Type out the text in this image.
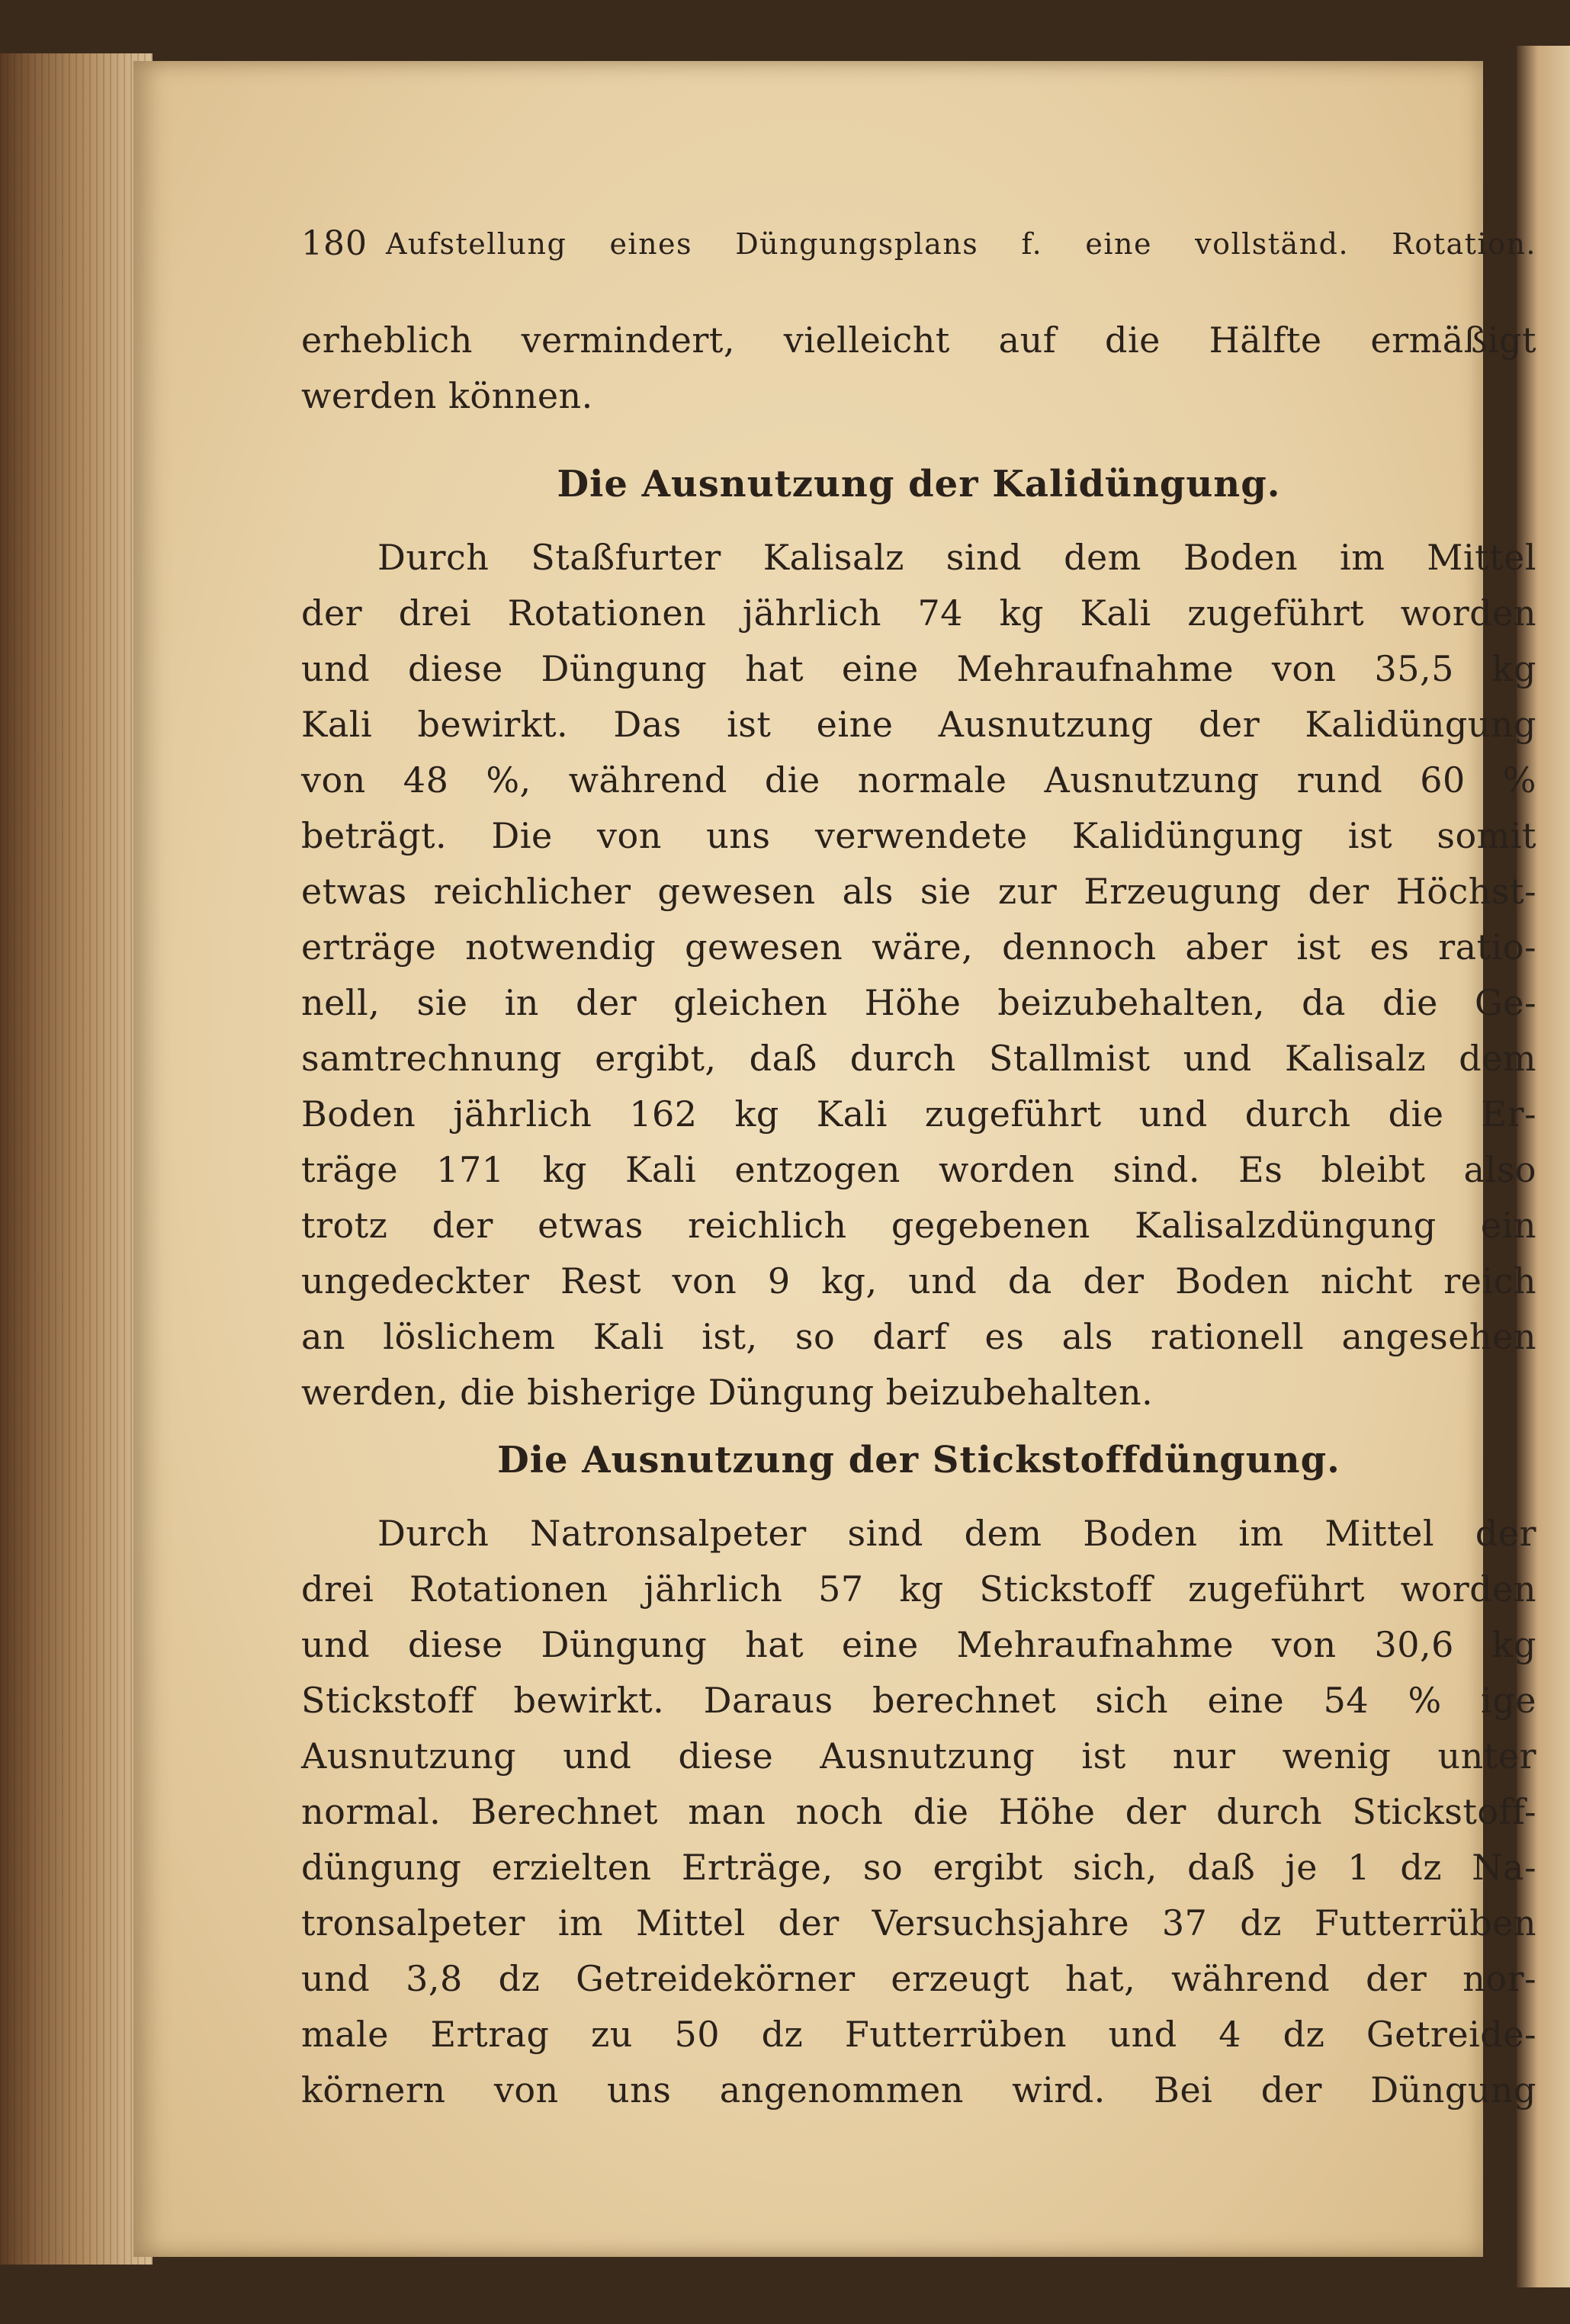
180 Aufstellung eines Düngungsplans f. eine vollständ. Rotation.
erheblich vermindert, vielleicht auf die Hälfte ermäßigt
werden können.
Die Ausnutzung der Kalidüngung.
Durch Staßfurter Kalisalz sind dem Boden im Mittel
der drei Rotationen jährlich 74 kg Kali zugeführt worden
und diese Düngung hat eine Mehraufnahme von 35,5 kg
Kali bewirkt. Das ist eine Ausnutzung der Kalidüngung
von 48 %, während die normale Ausnutzung rund 60 %
beträgt. Die von uns verwendete Kalidüngung ist somit
etwas reichlicher gewesen als sie zur Erzeugung der Höchst-
erträge notwendig gewesen wäre, dennoch aber ist es ratio-
nell, sie in der gleichen Höhe beizubehalten, da die Ge-
samtrechnung ergibt, daß durch Stallmist und Kalisalz dem
Boden jährlich 162 kg Kali zugeführt und durch die Er-
träge 171 kg Kali entzogen worden sind. Es bleibt also
trotz der etwas reichlich gegebenen Kalisalzdüngung ein
ungedeckter Rest von 9 kg, und da der Boden nicht reich
an löslichem Kali ist, so darf es als rationell angesehen
werden, die bisherige Düngung beizubehalten.
Die Ausnutzung der Stickstoffdüngung.
Durch Natronsalpeter sind dem Boden im Mittel der
drei Rotationen jährlich 57 kg Stickstoff zugeführt worden
und diese Düngung hat eine Mehraufnahme von 30,6 kg
Stickstoff bewirkt. Daraus berechnet sich eine 54 % ige
Ausnutzung und diese Ausnutzung ist nur wenig unter
normal. Berechnet man noch die Höhe der durch Stickstoff-
düngung erzielten Erträge, so ergibt sich, daß je 1 dz Na-
tronsalpeter im Mittel der Versuchsjahre 37 dz Futterrüben
und 3,8 dz Getreidekörner erzeugt hat, während der nor-
male Ertrag zu 50 dz Futterrüben und 4 dz Getreide-
körnern von uns angenommen wird. Bei der Düngung
